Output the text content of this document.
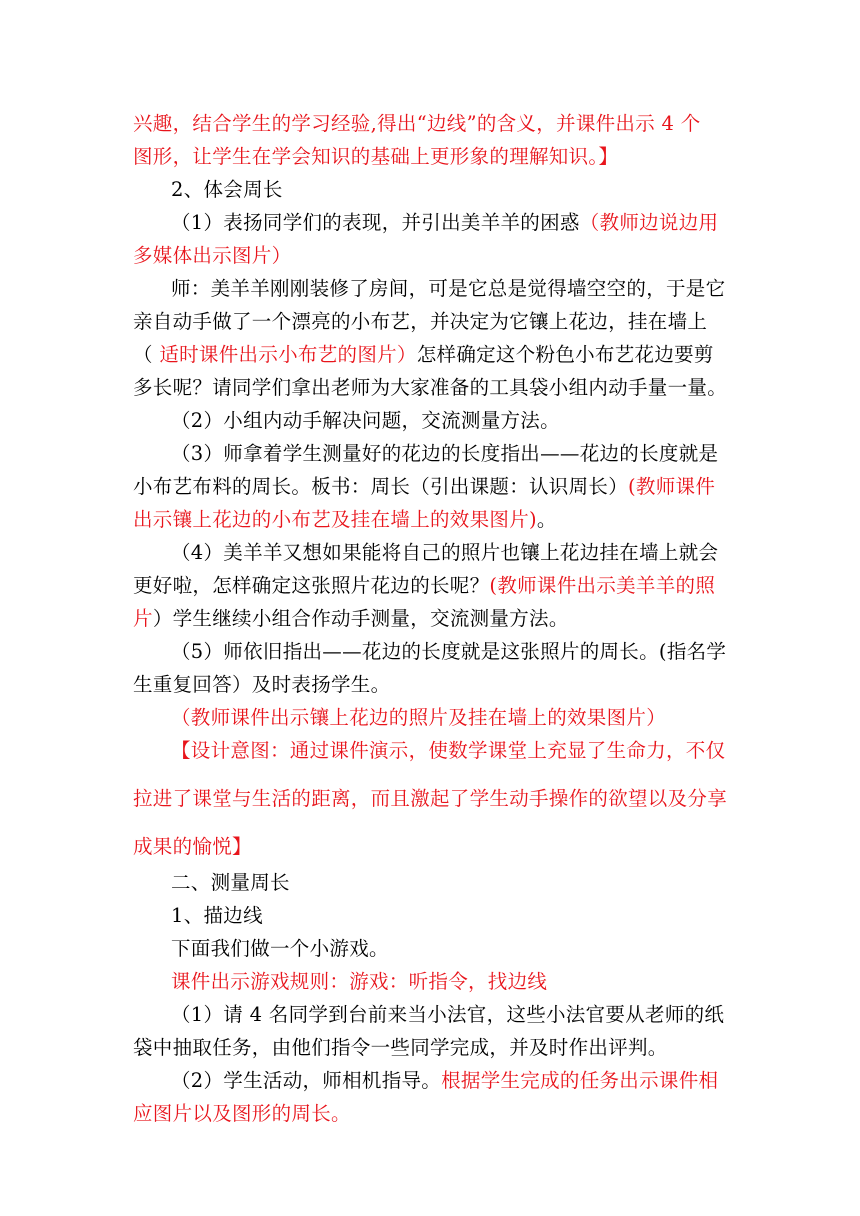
兴趣，结合学生的学习经验,得出“边线”的含义，并课件出示 4 个
图形，让学生在学会知识的基础上更形象的理解知识。】
2、体会周长
（1）表扬同学们的表现，并引出美羊羊的困惑（教师边说边用
多媒体出示图片）
师：美羊羊刚刚装修了房间，可是它总是觉得墙空空的，于是它
亲自动手做了一个漂亮的小布艺，并决定为它镶上花边，挂在墙上
（ 适时课件出示小布艺的图片）怎样确定这个粉色小布艺花边要剪
多长呢？请同学们拿出老师为大家准备的工具袋小组内动手量一量。
（2）小组内动手解决问题，交流测量方法。
（3）师拿着学生测量好的花边的长度指出——花边的长度就是
小布艺布料的周长。板书：周长（引出课题：认识周长）(教师课件
出示镶上花边的小布艺及挂在墙上的效果图片)。
（4）美羊羊又想如果能将自己的照片也镶上花边挂在墙上就会
更好啦，怎样确定这张照片花边的长呢？(教师课件出示美羊羊的照
片）学生继续小组合作动手测量，交流测量方法。
（5）师依旧指出——花边的长度就是这张照片的周长。(指名学
生重复回答）及时表扬学生。
（教师课件出示镶上花边的照片及挂在墙上的效果图片）
【设计意图：通过课件演示，使数学课堂上充显了生命力，不仅
拉进了课堂与生活的距离，而且激起了学生动手操作的欲望以及分享
成果的愉悦】
二、测量周长
1、描边线
下面我们做一个小游戏。
课件出示游戏规则：游戏：听指令，找边线
（1）请 4 名同学到台前来当小法官，这些小法官要从老师的纸
袋中抽取任务，由他们指令一些同学完成，并及时作出评判。
（2）学生活动，师相机指导。根据学生完成的任务出示课件相
应图片以及图形的周长。
